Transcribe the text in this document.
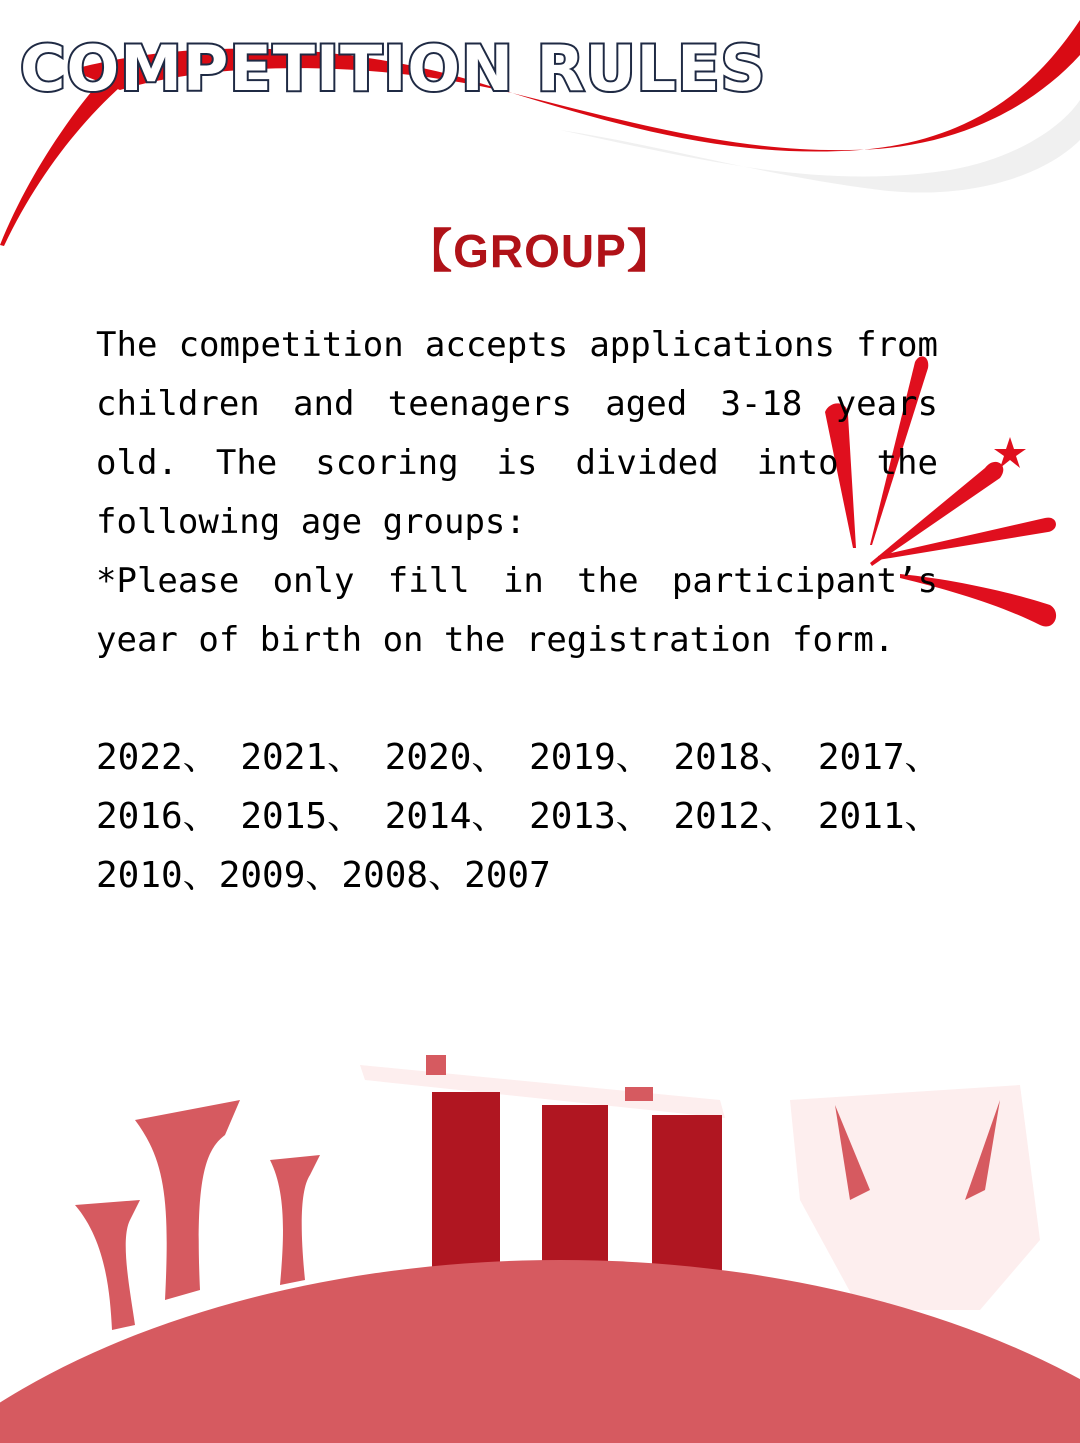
COMPETITION RULES
【GROUP】

The competition accepts applications from children and teenagers aged 3-18 years old. The scoring is divided into the following age groups:

*Please only fill in the participant’s year of birth on the registration form.

2022、 2021、 2020、 2019、 2018、 2017、
2016、 2015、 2014、 2013、 2012、 2011、
2010、2009、2008、2007
